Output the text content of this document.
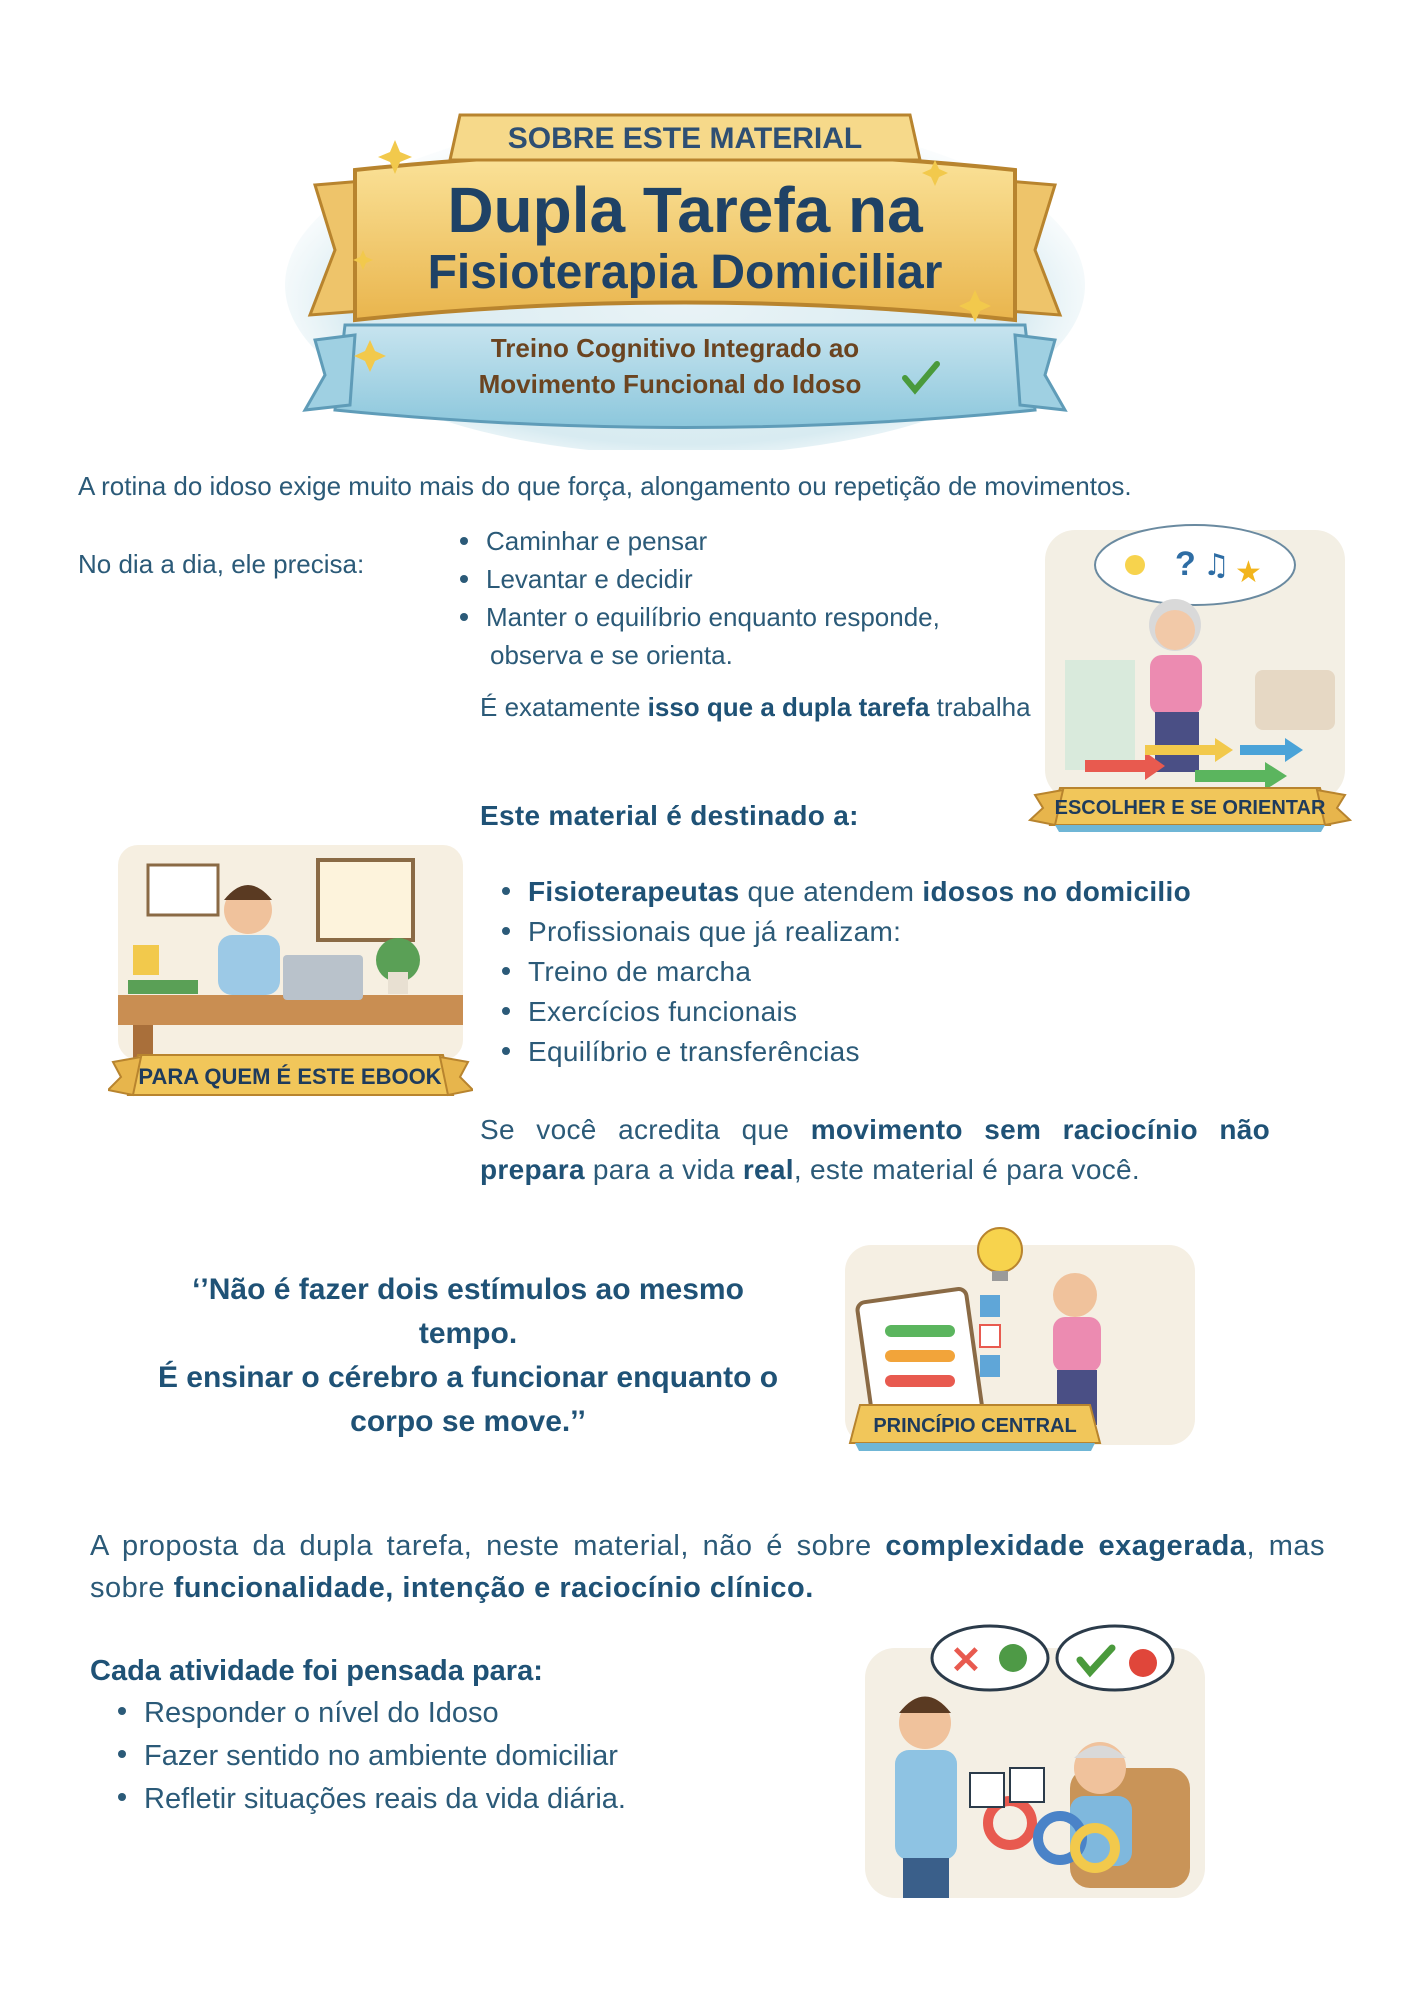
SOBRE ESTE MATERIAL
Dupla Tarefa na
Fisioterapia Domiciliar
Treino Cognitivo Integrado ao
Movimento Funcional do Idoso
A rotina do idoso exige muito mais do que força, alongamento ou repetição de movimentos.
No dia a dia, ele precisa:
Caminhar e pensar
Levantar e decidir
Manter o equilíbrio enquanto responde,
observa e se orienta.
É exatamente isso que a dupla tarefa trabalha
? ♫ ★
ESCOLHER E SE ORIENTAR
Este material é destinado a:
Fisioterapeutas que atendem idosos no domicilio
Profissionais que já realizam:
Treino de marcha
Exercícios funcionais
Equilíbrio e transferências
Se você acredita que movimento sem raciocínio não prepara para a vida real, este material é para você.
PARA QUEM É ESTE EBOOK
‘’Não é fazer dois estímulos ao mesmo
tempo.
É ensinar o cérebro a funcionar enquanto o
corpo se move.’’	PRINCÍPIO CENTRAL
A proposta da dupla tarefa, neste material, não é sobre complexidade exagerada, mas sobre funcionalidade, intenção e raciocínio clínico.
Cada atividade foi pensada para:
Responder o nível do Idoso
Fazer sentido no ambiente domiciliar
Refletir situações reais da vida diária.
✕
